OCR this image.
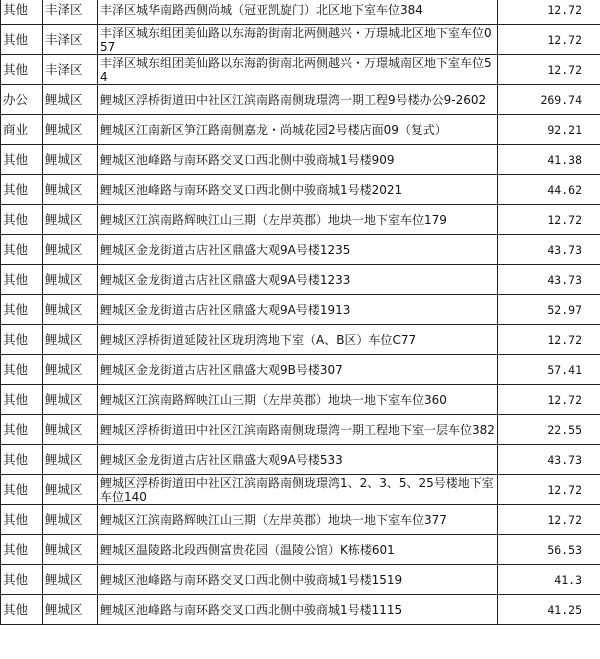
其他	丰泽区	丰泽区城华南路西侧尚城（冠亚凯旋门）北区地下室车位384	12.72
其他	丰泽区	丰泽区城东组团美仙路以东海韵街南北两侧越兴・万璟城北区地下室车位057	12.72
其他	丰泽区	丰泽区城东组团美仙路以东海韵街南北两侧越兴・万璟城南区地下室车位54	12.72
办公	鲤城区	鲤城区浮桥街道田中社区江滨南路南侧珑璟湾一期工程9号楼办公9-2602	269.74
商业	鲤城区	鲤城区江南新区笋江路南侧嘉龙・尚城花园2号楼店面09（复式）	92.21
其他	鲤城区	鲤城区池峰路与南环路交叉口西北侧中骏商城1号楼909	41.38
其他	鲤城区	鲤城区池峰路与南环路交叉口西北侧中骏商城1号楼2021	44.62
其他	鲤城区	鲤城区江滨南路辉映江山三期（左岸英郡）地块一地下室车位179	12.72
其他	鲤城区	鲤城区金龙街道古店社区鼎盛大观9A号楼1235	43.73
其他	鲤城区	鲤城区金龙街道古店社区鼎盛大观9A号楼1233	43.73
其他	鲤城区	鲤城区金龙街道古店社区鼎盛大观9A号楼1913	52.97
其他	鲤城区	鲤城区浮桥街道延陵社区珑玥湾地下室（A、B区）车位C77	12.72
其他	鲤城区	鲤城区金龙街道古店社区鼎盛大观9B号楼307	57.41
其他	鲤城区	鲤城区江滨南路辉映江山三期（左岸英郡）地块一地下室车位360	12.72
其他	鲤城区	鲤城区浮桥街道田中社区江滨南路南侧珑璟湾一期工程地下室一层车位382	22.55
其他	鲤城区	鲤城区金龙街道古店社区鼎盛大观9A号楼533	43.73
其他	鲤城区	鲤城区浮桥街道田中社区江滨南路南侧珑璟湾1、2、3、5、25号楼地下室车位140	12.72
其他	鲤城区	鲤城区江滨南路辉映江山三期（左岸英郡）地块一地下室车位377	12.72
其他	鲤城区	鲤城区温陵路北段西侧富贵花园（温陵公馆）K栋楼601	56.53
其他	鲤城区	鲤城区池峰路与南环路交叉口西北侧中骏商城1号楼1519	41.3
其他	鲤城区	鲤城区池峰路与南环路交叉口西北侧中骏商城1号楼1115	41.25
